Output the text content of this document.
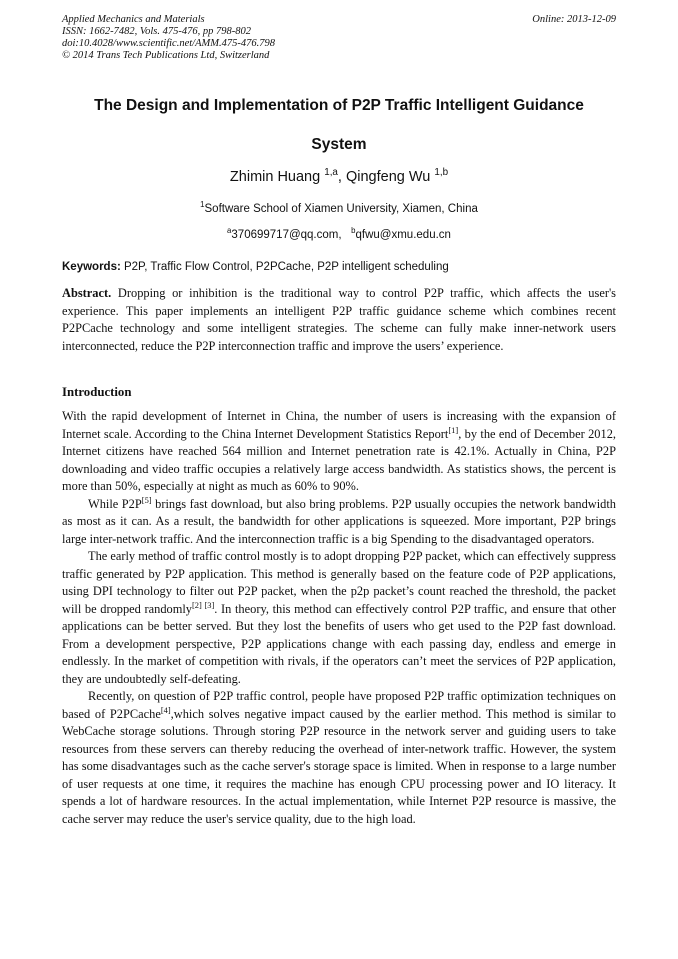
Applied Mechanics and Materials
ISSN: 1662-7482, Vols. 475-476, pp 798-802
doi:10.4028/www.scientific.net/AMM.475-476.798
© 2014 Trans Tech Publications Ltd, Switzerland
Online: 2013-12-09
The Design and Implementation of P2P Traffic Intelligent Guidance
System
Zhimin Huang $^{1,a}$, Qingfeng Wu $^{1,b}$
$^1$Software School of Xiamen University, Xiamen, China
$^a$370699717@qq.com, $^b$qfwu@xmu.edu.cn
Keywords: P2P, Traffic Flow Control, P2PCache, P2P intelligent scheduling
Abstract. Dropping or inhibition is the traditional way to control P2P traffic, which affects the user's experience. This paper implements an intelligent P2P traffic guidance scheme which combines recent P2PCache technology and some intelligent strategies. The scheme can fully make inner-network users interconnected, reduce the P2P interconnection traffic and improve the users’ experience.
Introduction

With the rapid development of Internet in China, the number of users is increasing with the expansion of Internet scale. According to the China Internet Development Statistics Report[1], by the end of December 2012, Internet citizens have reached 564 million and Internet penetration rate is 42.1%. Actually in China, P2P downloading and video traffic occupies a relatively large access bandwidth. As statistics shows, the percent is more than 50%, especially at night as much as 60% to 90%.

While P2P[5] brings fast download, but also bring problems. P2P usually occupies the network bandwidth as most as it can. As a result, the bandwidth for other applications is squeezed. More important, P2P brings large inter-network traffic. And the interconnection traffic is a big Spending to the disadvantaged operators.

The early method of traffic control mostly is to adopt dropping P2P packet, which can effectively suppress traffic generated by P2P application. This method is generally based on the feature code of P2P applications, using DPI technology to filter out P2P packet, when the p2p packet’s count reached the threshold, the packet will be dropped randomly[2] [3]. In theory, this method can effectively control P2P traffic, and ensure that other applications can be better served. But they lost the benefits of users who get used to the P2P fast download. From a development perspective, P2P applications change with each passing day, endless and emerge in endlessly. In the market of competition with rivals, if the operators can’t meet the services of P2P application, they are undoubtedly self-defeating.

Recently, on question of P2P traffic control, people have proposed P2P traffic optimization techniques on based of P2PCache[4],which solves negative impact caused by the earlier method. This method is similar to WebCache storage solutions. Through storing P2P resource in the network server and guiding users to take resources from these servers can thereby reducing the overhead of inter-network traffic. However, the system has some disadvantages such as the cache server's storage space is limited. When in response to a large number of user requests at one time, it requires the machine has enough CPU processing power and IO literacy. It spends a lot of hardware resources. In the actual implementation, while Internet P2P resource is massive, the cache server may reduce the user's service quality, due to the high load.
